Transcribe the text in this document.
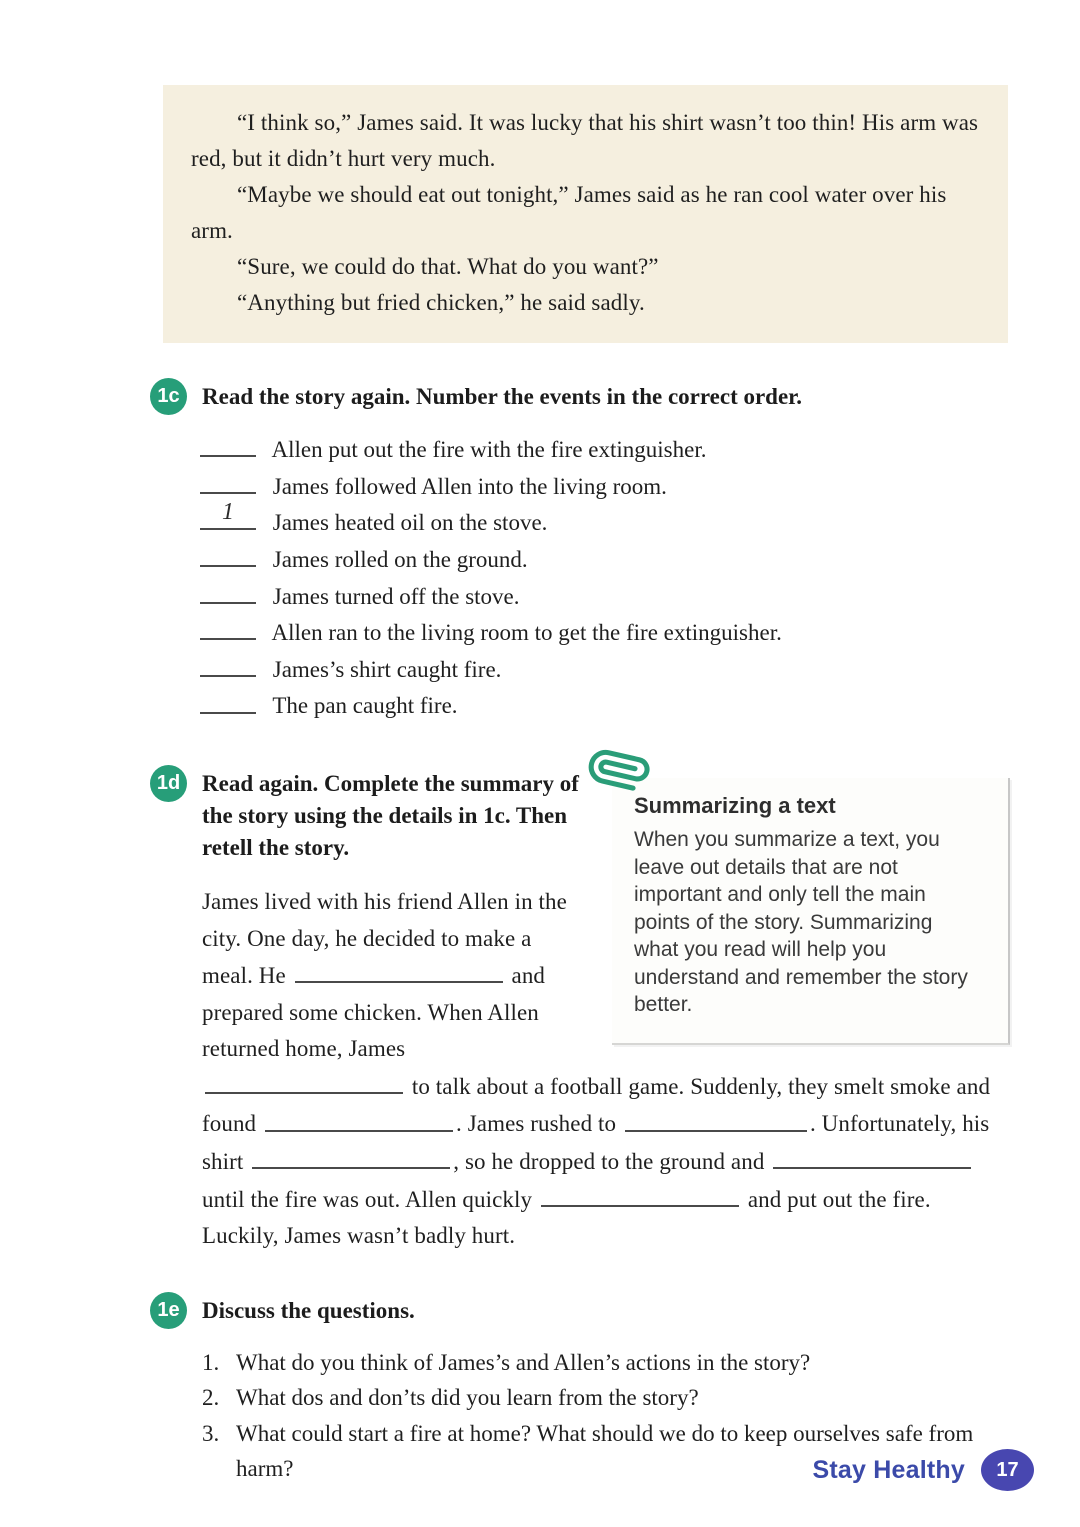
“I think so,” James said. It was lucky that his shirt wasn’t too thin! His arm was red, but it didn’t hurt very much.

“Maybe we should eat out tonight,” James said as he ran cool water over his arm.

“Sure, we could do that. What do you want?”

“Anything but fried chicken,” he said sadly.

1c Read the story again. Number the events in the correct order.
Allen put out the fire with the fire extinguisher.
James followed Allen into the living room.
1	James heated oil on the stove.
James rolled on the ground.
James turned off the stove.
Allen ran to the living room to get the fire extinguisher.
James’s shirt caught fire.
The pan caught fire.
Summarizing a text

When you summarize a text, you leave out details that are not important and only tell the main points of the story. Summarizing what you read will help you understand and remember the story better.

1d Read again. Complete the summary of the story using the details in 1c. Then retell the story.

James lived with his friend Allen in the city. One day, he decided to make a meal. He	and prepared some chicken. When Allen returned home, James  to talk about a football game. Suddenly, they smelt smoke and found	. James rushed to	. Unfortunately, his shirt	, so he dropped to the ground and  until the fire was out. Allen quickly	and put out the fire. Luckily, James wasn’t badly hurt.

1e Discuss the questions.
1. What do you think of James’s and Allen’s actions in the story?
2. What dos and don’ts did you learn from the story?
3. What could start a fire at home? What should we do to keep ourselves safe from harm?	Stay Healthy 17
